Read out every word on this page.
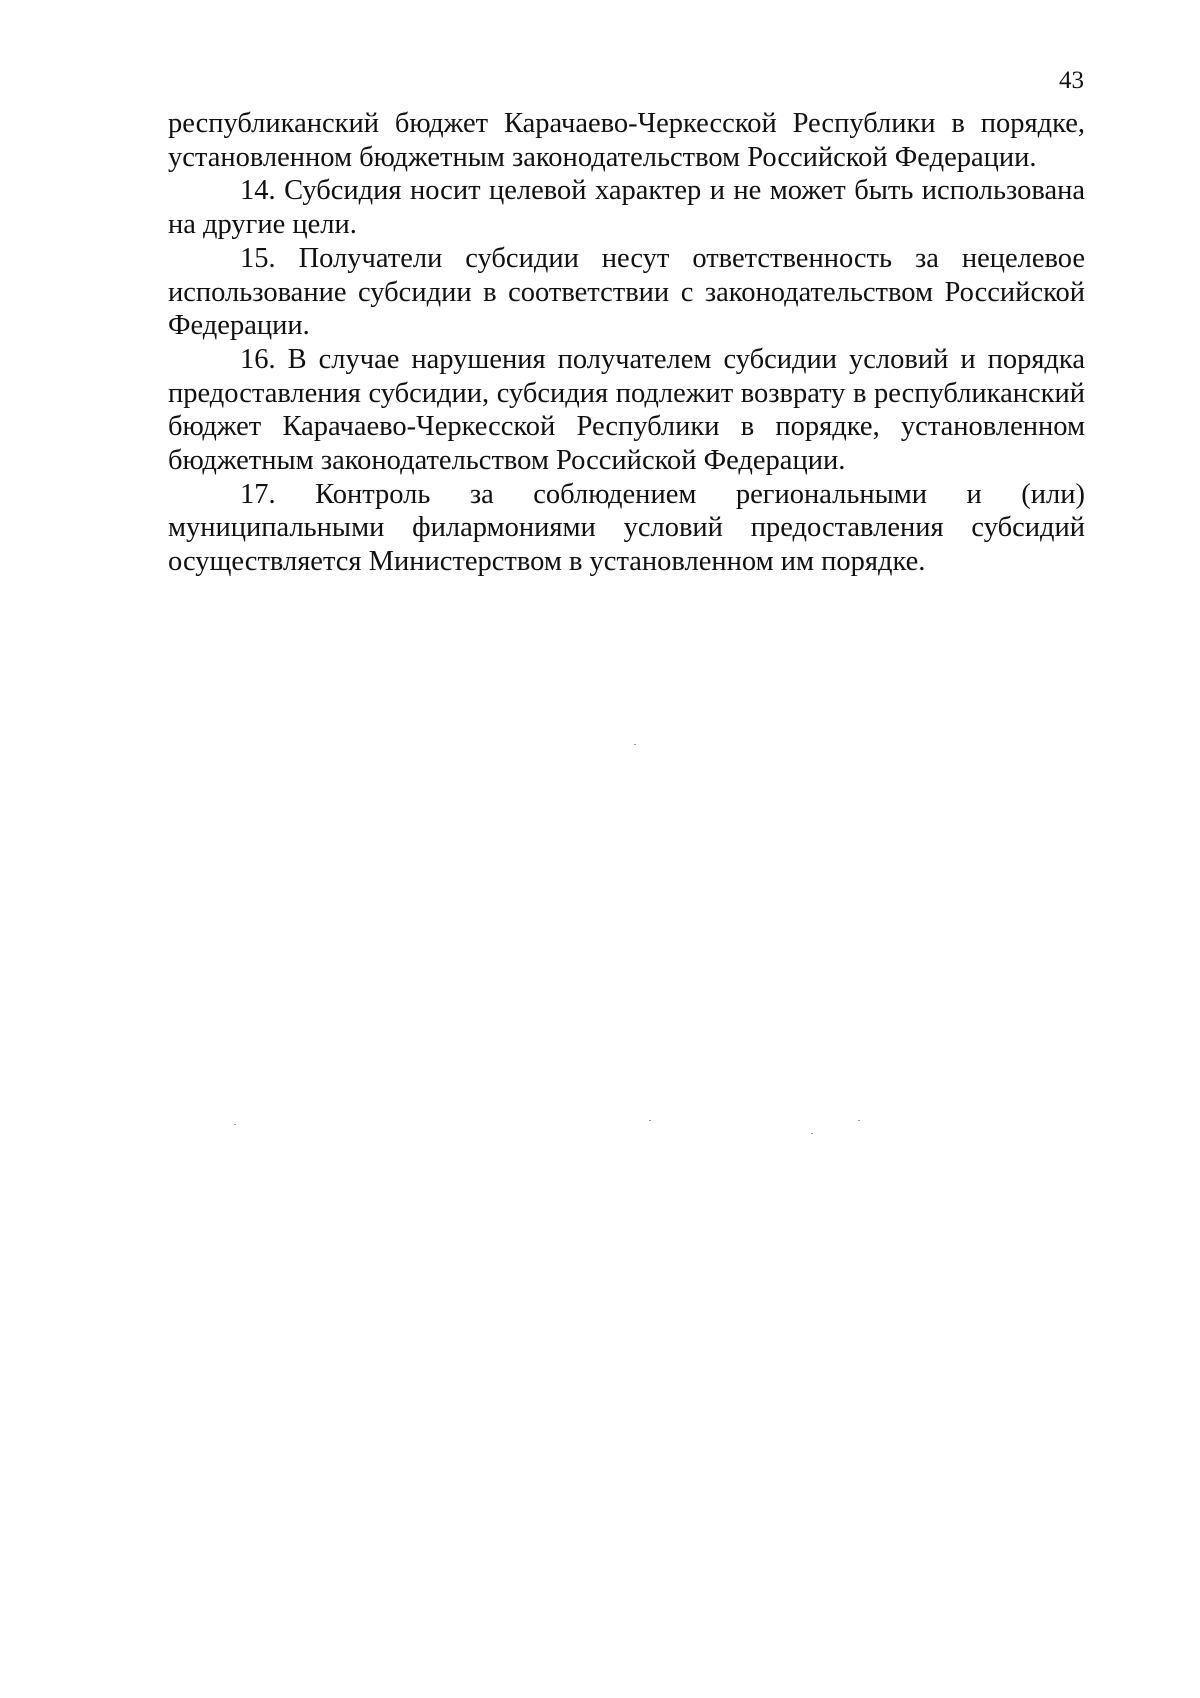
43

республиканский бюджет Карачаево-Черкесской Республики в порядке, установленном бюджетным законодательством Российской Федерации.

14. Субсидия носит целевой характер и не может быть использована на другие цели.

15. Получатели субсидии несут ответственность за нецелевое использование субсидии в соответствии с законодательством Российской Федерации.

16. В случае нарушения получателем субсидии условий и порядка предоставления субсидии, субсидия подлежит возврату в республиканский бюджет Карачаево-Черкесской Республики в порядке, установленном бюджетным законодательством Российской Федерации.

17. Контроль за соблюдением региональными и (или) муниципальными филармониями условий предоставления субсидий осуществляется Министерством в установленном им порядке.
